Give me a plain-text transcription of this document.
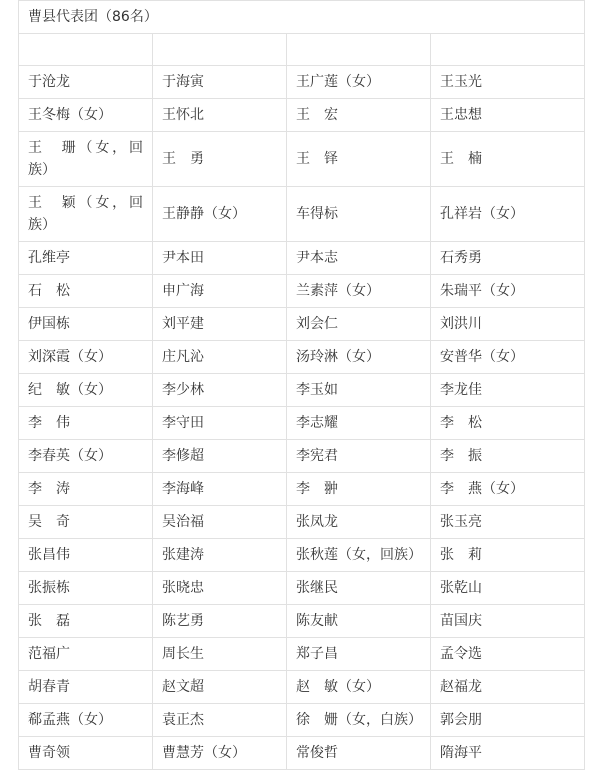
曹县代表团（86名）			

于沧龙	于海寅	王广莲（女）	王玉光
王冬梅（女）	王怀北	王　宏	王忠想
王　珊（女，回族）	王　勇	王　铎	王　楠
王　颖（女，回族）	王静静（女）	车得标	孔祥岩（女）
孔维亭	尹本田	尹本志	石秀勇
石　松	申广海	兰素萍（女）	朱瑞平（女）
伊国栋	刘平建	刘会仁	刘洪川
刘深霞（女）	庄凡沁	汤玲淋（女）	安普华（女）
纪　敏（女）	李少林	李玉如	李龙佳
李　伟	李守田	李志耀	李　松
李春英（女）	李修超	李宪君	李　振
李　涛	李海峰	李　翀	李　燕（女）
吴　奇	吴治福	张凤龙	张玉亮
张昌伟	张建涛	张秋莲（女，回族）	张　莉
张振栋	张晓忠	张继民	张乾山
张　磊	陈艺勇	陈友献	苗国庆
范福广	周长生	郑子昌	孟令选
胡春青	赵文超	赵　敏（女）	赵福龙
郗孟燕（女）	袁正杰	徐　姗（女，白族）	郭会朋
曹奇领	曹慧芳（女）	常俊哲	隋海平
